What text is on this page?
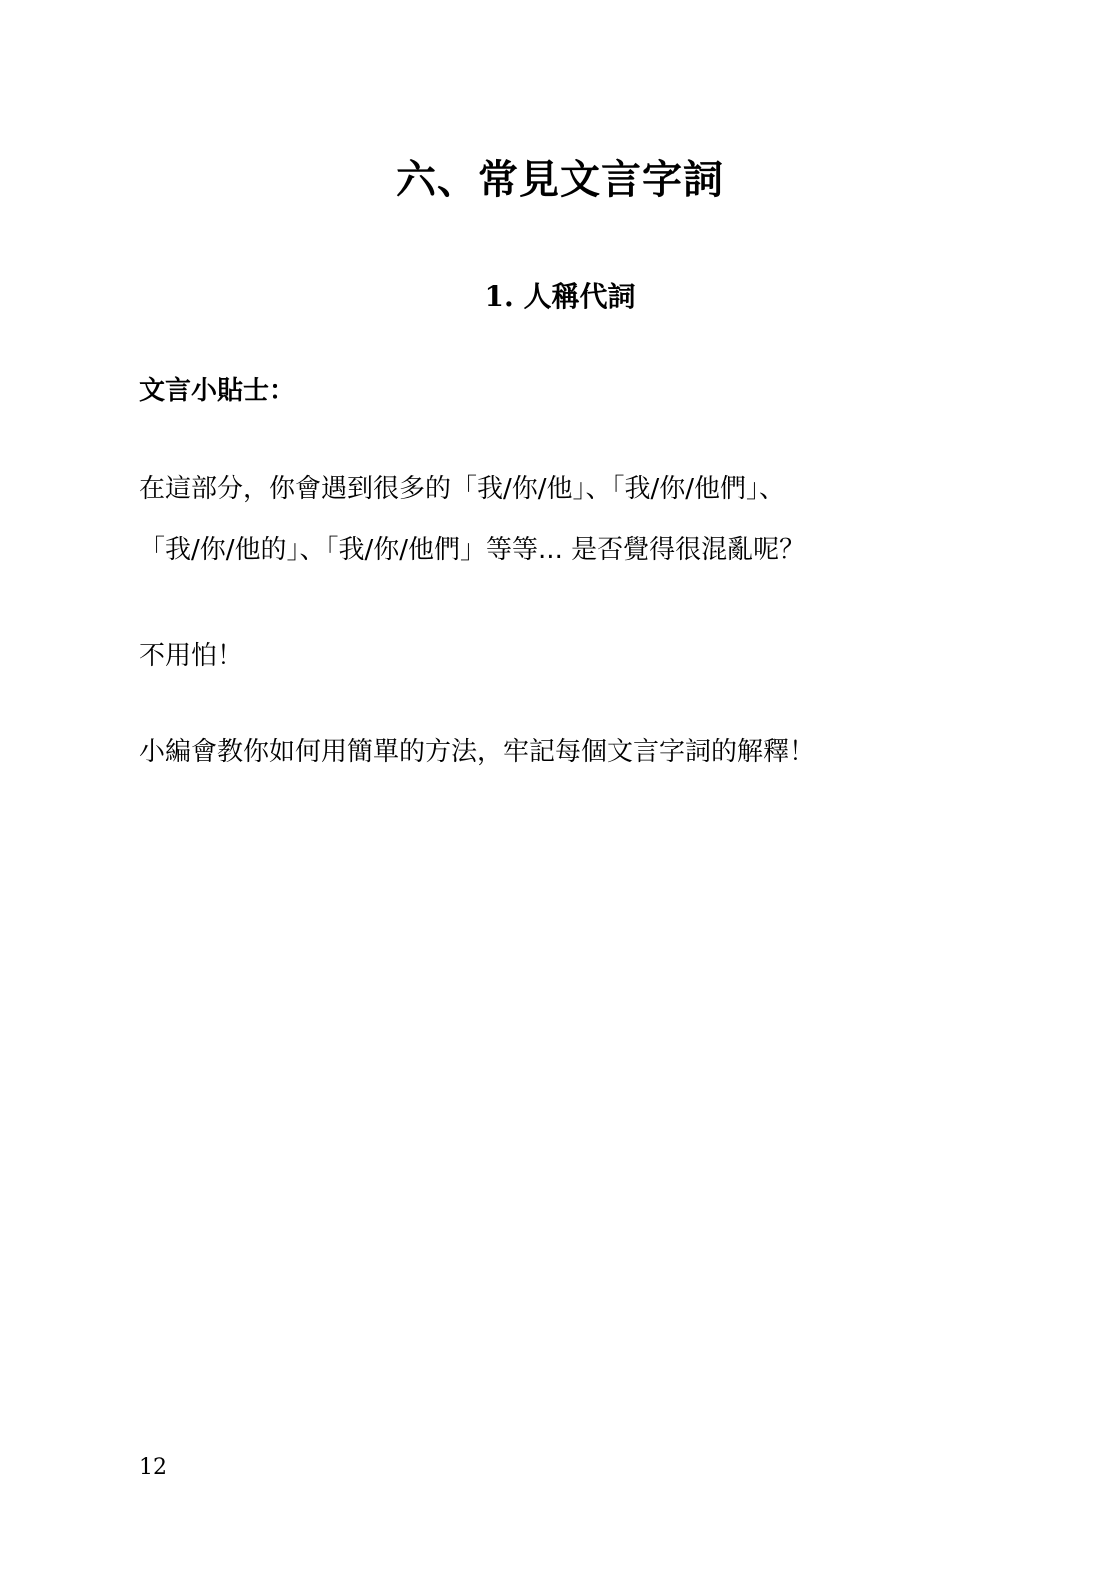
六、常見文言字詞
1. 人稱代詞

文言小貼士：

在這部分，你會遇到很多的「我/你/他」、「我/你/他們」、
「我/你/他的」、「我/你/他們」等等... 是否覺得很混亂呢？

不用怕！

小編會教你如何用簡單的方法，牢記每個文言字詞的解釋！

12
